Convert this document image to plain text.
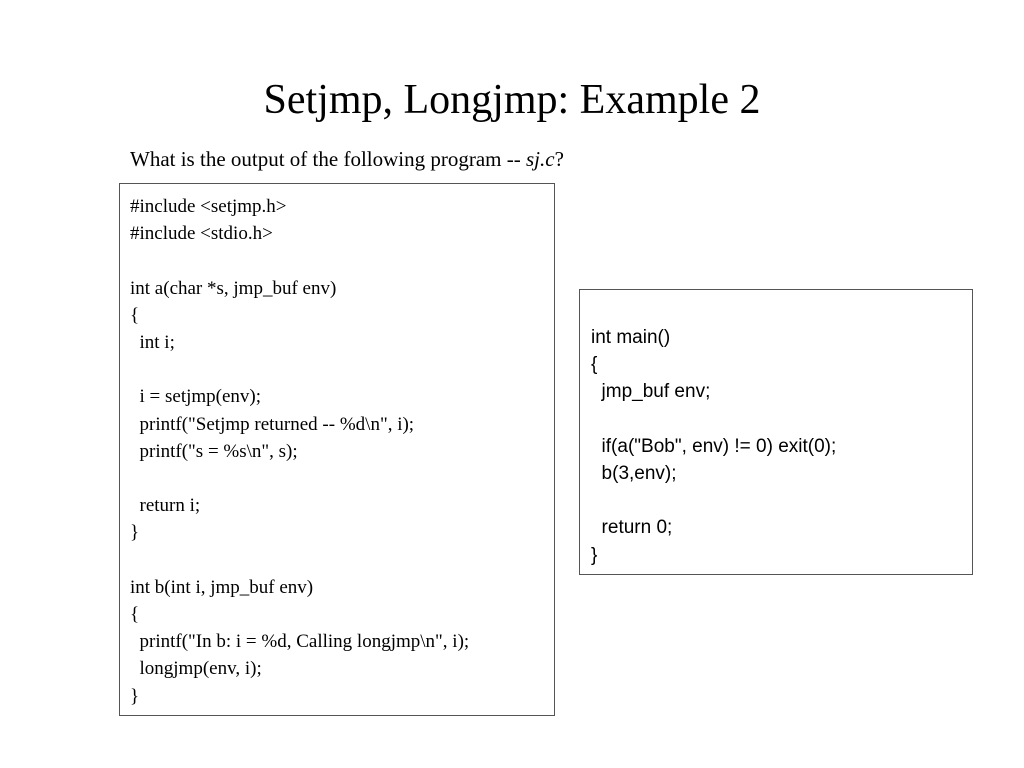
Setjmp, Longjmp: Example 2
What is the output of the following program -- sj.c?
#include <setjmp.h>
#include <stdio.h>
int a(char *s, jmp_buf env)
{
int i;
i = setjmp(env);
printf("Setjmp returned -- %d\n", i);
printf("s = %s\n", s);
return i;
}
int b(int i, jmp_buf env)
{
printf("In b: i = %d, Calling longjmp\n", i);
longjmp(env, i);
}
int main()
{
jmp_buf env;
if(a("Bob", env) != 0) exit(0);
b(3,env);
return 0;
}
